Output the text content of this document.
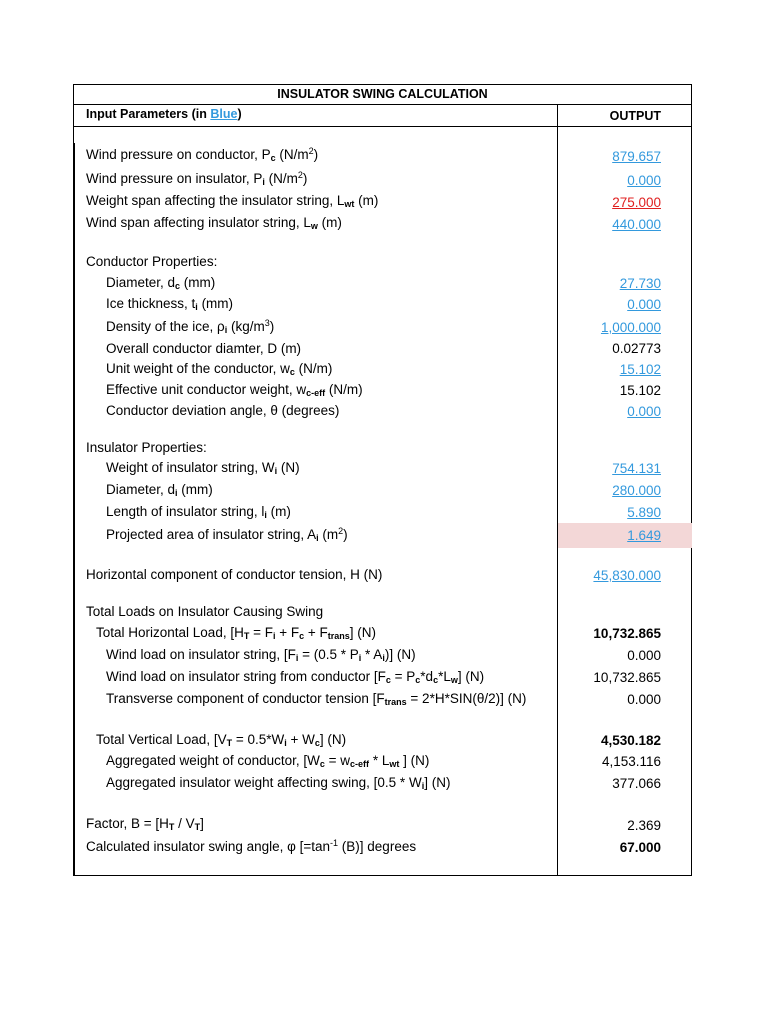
INSULATOR SWING CALCULATION
Input Parameters (in Blue)	OUTPUT
Wind pressure on conductor, $P_c$ $(N/m^2)$	879.657
Wind pressure on insulator, $P_i$ $(N/m^2)$	0.000
Weight span affecting the insulator string, $L_{wt}$ (m)	275.000
Wind span affecting insulator string, $L_w$ (m)	440.000
Conductor Properties:
Diameter, $d_c$ (mm)	27.730
Ice thickness, $t_i$ (mm)	0.000
Density of the ice, $\rho_i$ $(kg/m^3)$	1,000.000
Overall conductor diamter, D (m)	0.02773
Unit weight of the conductor, $w_c$ (N/m)	15.102
Effective unit conductor weight, $w_{c-eff}$ (N/m)	15.102
Conductor deviation angle, θ (degrees)	0.000
Insulator Properties:
Weight of insulator string, $W_i$ (N)	754.131
Diameter, $d_i$ (mm)	280.000
Length of insulator string, $l_i$ (m)	5.890
Projected area of insulator string, $A_i$ $(m^2)$	1.649
Horizontal component of conductor tension, H (N)	45,830.000
Total Loads on Insulator Causing Swing
Total Horizontal Load, $[H_T = F_i + F_c + F_{trans}]$ (N)	10,732.865
Wind load on insulator string, $[F_i = (0.5 * P_i * A_i)]$ (N)	0.000
Wind load on insulator string from conductor $[F_c = P_c*d_c*L_w]$ (N)	10,732.865
Transverse component of conductor tension $[F_{trans} = 2*H*SIN(\theta/2)]$ (N)	0.000
Total Vertical Load, $[V_T = 0.5*W_i + W_c]$ (N)	4,530.182
Aggregated weight of conductor, [$W_c = w_{c-eff} * L_{wt}$ ] (N)	4,153.116
Aggregated insulator weight affecting swing, $[0.5 * W_i]$ (N)	377.066
Factor, $B = [H_T / V_T]$	2.369
Calculated insulator swing angle, φ [$=\tan^{-1}$ (B)] degrees	67.000
